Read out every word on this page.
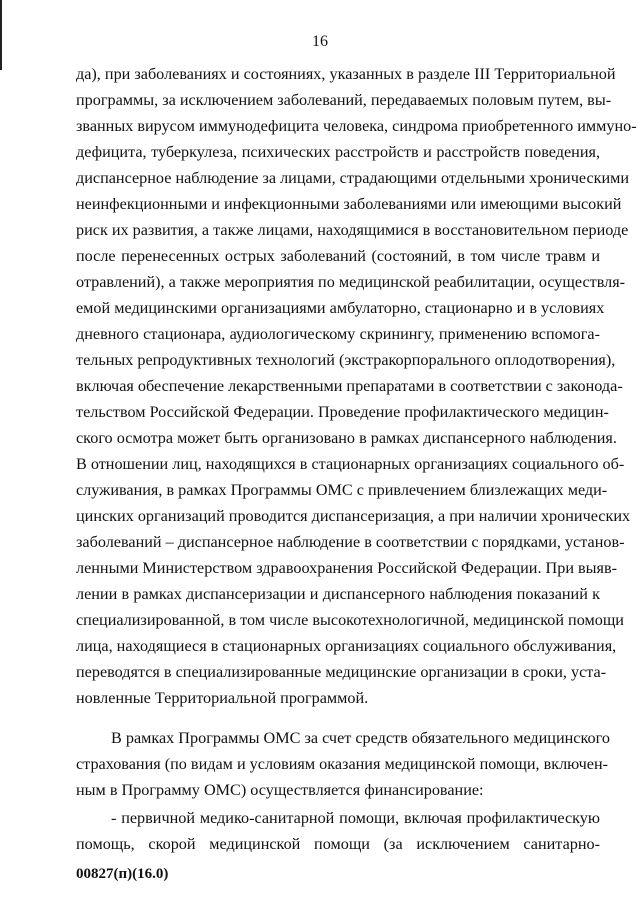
16
да), при заболеваниях и состояниях, указанных в разделе III Территориальной
программы, за исключением заболеваний, передаваемых половым путем, вы-
званных вирусом иммунодефицита человека, синдрома приобретенного иммуно-
дефицита, туберкулеза, психических расстройств и расстройств поведения,
диспансерное наблюдение за лицами, страдающими отдельными хроническими
неинфекционными и инфекционными заболеваниями или имеющими высокий
риск их развития, а также лицами, находящимися в восстановительном периоде
после перенесенных острых заболеваний (состояний, в том числе травм и
отравлений), а также мероприятия по медицинской реабилитации, осуществля-
емой медицинскими организациями амбулаторно, стационарно и в условиях
дневного стационара, аудиологическому скринингу, применению вспомога-
тельных репродуктивных технологий (экстракорпорального оплодотворения),
включая обеспечение лекарственными препаратами в соответствии с законода-
тельством Российской Федерации. Проведение профилактического медицин-
ского осмотра может быть организовано в рамках диспансерного наблюдения.
В отношении лиц, находящихся в стационарных организациях социального об-
служивания, в рамках Программы ОМС с привлечением близлежащих меди-
цинских организаций проводится диспансеризация, а при наличии хронических
заболеваний – диспансерное наблюдение в соответствии с порядками, установ-
ленными Министерством здравоохранения Российской Федерации. При выяв-
лении в рамках диспансеризации и диспансерного наблюдения показаний к
специализированной, в том числе высокотехнологичной, медицинской помощи
лица, находящиеся в стационарных организациях социального обслуживания,
переводятся в специализированные медицинские организации в сроки, уста-
новленные Территориальной программой.
В рамках Программы ОМС за счет средств обязательного медицинского
страхования (по видам и условиям оказания медицинской помощи, включен-
ным в Программу ОМС) осуществляется финансирование:
- первичной медико-санитарной помощи, включая профилактическую
помощь, скорой медицинской помощи (за исключением санитарно-
00827(п)(16.0)
